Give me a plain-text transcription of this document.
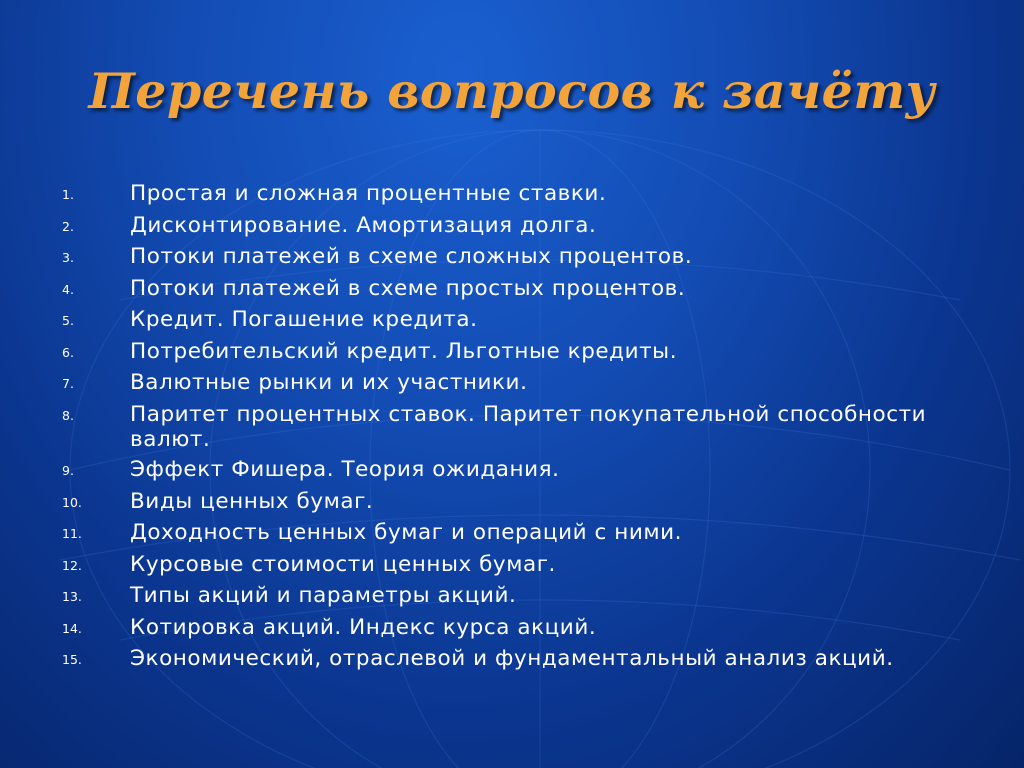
Перечень вопросов к зачёту
1.	Простая и сложная процентные ставки.
2.	Дисконтирование. Амортизация долга.
3.	Потоки платежей в схеме сложных процентов.
4.	Потоки платежей в схеме простых процентов.
5.	Кредит. Погашение кредита.
6.	Потребительский кредит. Льготные кредиты.
7.	Валютные рынки и их участники.
8.	Паритет процентных ставок. Паритет покупательной способности валют.
9.	Эффект Фишера. Теория ожидания.
10.	Виды ценных бумаг.
11.	Доходность ценных бумаг и операций с ними.
12.	Курсовые стоимости ценных бумаг.
13.	Типы акций и параметры акций.
14.	Котировка акций. Индекс курса акций.
15.	Экономический, отраслевой и фундаментальный анализ акций.
